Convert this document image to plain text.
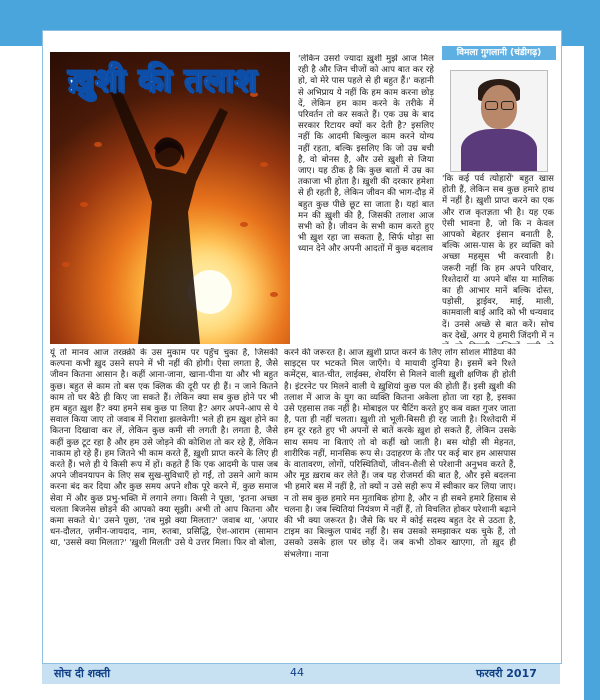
ख़ुशी की तलाश

'लेकिन उसरो ज्यादा ख़ुशी मुझे आज मिल रही है और जिन चीजों को आप बात कर रहे हो, वो मेरे पास पहले से ही बहुत हैं।' कहानी से अभिप्राय ये नहीं कि हम काम करना छोड़ दें, लेकिन हम काम करने के तरीके में परिवर्तन तो कर सकते हैं। एक उम्र के बाद सरकार रिटायर क्यों कर देती है? इसलिए नहीं कि आदमी बिल्कुल काम करने योग्य नहीं रहता, बल्कि इसलिए कि जो उम्र बची है, वो बोनस है, और उसे ख़ुशी से जिया जाए। यह ठीक है कि कुछ बातों में उम्र का तकाजा भी होता है। ख़ुशी की दरकार हमेशा से ही रहती है, लेकिन जीवन की भाग-दौड़ में बहुत कुछ पीछे छूट सा जाता है। यहां बात मन की ख़ुशी की है, जिसकी तलाश आज सभी को है। जीवन के सभी काम करते हुए भी ख़ुश रहा जा सकता है, सिर्फ थोड़ा सा ध्यान देने और अपनी आदतों में कुछ बदलाव

विमला गुगलानी (चंडीगढ़)

'कि कई पर्व त्योहारों' बहुत खास होती हैं, लेकिन सब कुछ हमारे हाथ में नहीं है। ख़ुशी प्राप्त करने का एक और राज कृतज्ञता भी है। यह एक ऐसी भावना है, जो कि न केवल आपको बेहतर इंसान बनाती है, बल्कि आस-पास के हर व्यक्ति को अच्छा महसूस भी करवाती है। जरूरी नहीं कि हम अपने परिवार, रिश्तेदारों या अपने बॉस या मालिक का ही आभार मानें बल्कि दोस्त, पड़ोसी, ड्राईवर, माई, माली, कामवाली बाई आदि को भी धन्यवाद दें। उनसे अच्छे से बात करें। सोच कर देखें, अगर ये हमारी जिंदगी में न

यूं तो मानव आज तरक़्क़ी के उस मुकाम पर पहुँच चुका है, जिसकी कल्पना कभी ख़ुद उसने सपने में भी नहीं की होगी। ऐसा लगता है, जैसे जीवन कितना आसान है। कहीं आना-जाना, खाना-पीना या और भी बहुत कुछ। बहुत से काम तो बस एक क्लिक की दूरी पर ही हैं। न जाने कितने काम तो घर बैठे ही किए जा सकते हैं। लेकिन क्या सब कुछ होने पर भी हम बहुत ख़ुश हैं? क्या हमने सब कुछ पा लिया है? अगर अपने-आप से ये सवाल किया जाए तो जवाब में निराशा झलकेगी! भले ही हम ख़ुश होने का कितना दिखावा कर लें, लेकिन कुछ कमी सी लगती है। लगता है, जैसे कहीं कुछ टूट रहा है और हम उसे जोड़ने की कोशिश तो कर रहे हैं, लेकिन नाकाम हो रहे हैं। हम जितने भी काम करते हैं, ख़ुशी प्राप्त करने के लिए ही करते हैं। भले ही ये किसी रूप में हों। कहते हैं कि एक आदमी के पास जब अपने जीवनयापन के लिए सब सुख-सुविधाएँ हो गईं, तो उसने आगे काम करना बंद कर दिया और कुछ समय अपने शौक पूरे करने में, कुछ समाज सेवा में और कुछ प्रभु-भक्ति में लगाने लगा। किसी ने पूछा, 'इतना अच्छा चलता बिजनेस छोड़ने की आपको क्या सूझी। अभी तो आप कितना और कमा सकते थे।' उसने पूछा, 'तब मुझे क्या मिलता?' जवाब था, 'अपार धन-दौलत, ज़मीन-जायदाद, नाम, रुतबा, प्रसिद्धि, ऐश-आराम (सामान था, 'उससे क्या मिलता?' 'ख़ुशी मिलती' उसे ये उत्तर मिला। फिर वो बोला,

करने की जरूरत है। आज ख़ुशी प्राप्त करने के लिए लोग सोशल मीडिया की साइट्स पर भटकते मिल जाएँगे। ये मायावी दुनिया है। इसमें बने रिश्ते कमेंट्स, बात-चीत, लाईक्स, शेयरिंग से मिलने वाली ख़ुशी क्षणिक ही होती है। इंटरनेट पर मिलने वाली ये ख़ुशियां कुछ पल की होती हैं। इसी ख़ुशी की तलाश में आज के युग का व्यक्ति कितना अकेला होता जा रहा है, इसका उसे एहसास तक नहीं है। मोबाइल पर चैटिंग करते हुए कब वक़्त गुजर जाता है, पता ही नहीं चलता। ख़ुशी तो भूली-बिसरी ही रह जाती है। रिश्तेदारी में हम दूर रहते हुए भी अपनों से बातें करके ख़ुश हो सकते हैं, लेकिन उसके साथ समय ना बिताएं तो वो कहीं खो जाती है। बस थोड़ी सी मेहनत, शारीरिक नहीं, मानसिक रूप से। उदाहरण के तौर पर कई बार हम आसपास के वातावरण, लोगों, परिस्थितियों, जीवन-शैली से परेशानी अनुभव करते हैं, और मूड ख़राब कर लेते हैं। जब यह रोजमर्रा की बात है, और इसे बदलना भी हमारे बस में नहीं है, तो क्यों न उसे सही रूप में स्वीकार कर लिया जाए। न तो सब कुछ हमारे मन मुताबिक होगा है, और न ही सबने हमारे हिसाब से चलना है। जब स्थितियां नियंत्रण में नहीं हैं, तो विचलित होकर परेशानी बढ़ाने की भी क्या जरूरत है। जैसे कि घर में कोई सदस्य बहुत देर से उठता है, टाइम का बिल्कुल पाबंद नहीं है। सब उसको समझाकर थक चुके हैं, तो उसको उसके हाल पर छोड़ दें। जब कभी ठोकर खाएगा, तो ख़ुद ही संभलेगा। नाना

सोच दी शक्ती	44	फरवरी 2017
